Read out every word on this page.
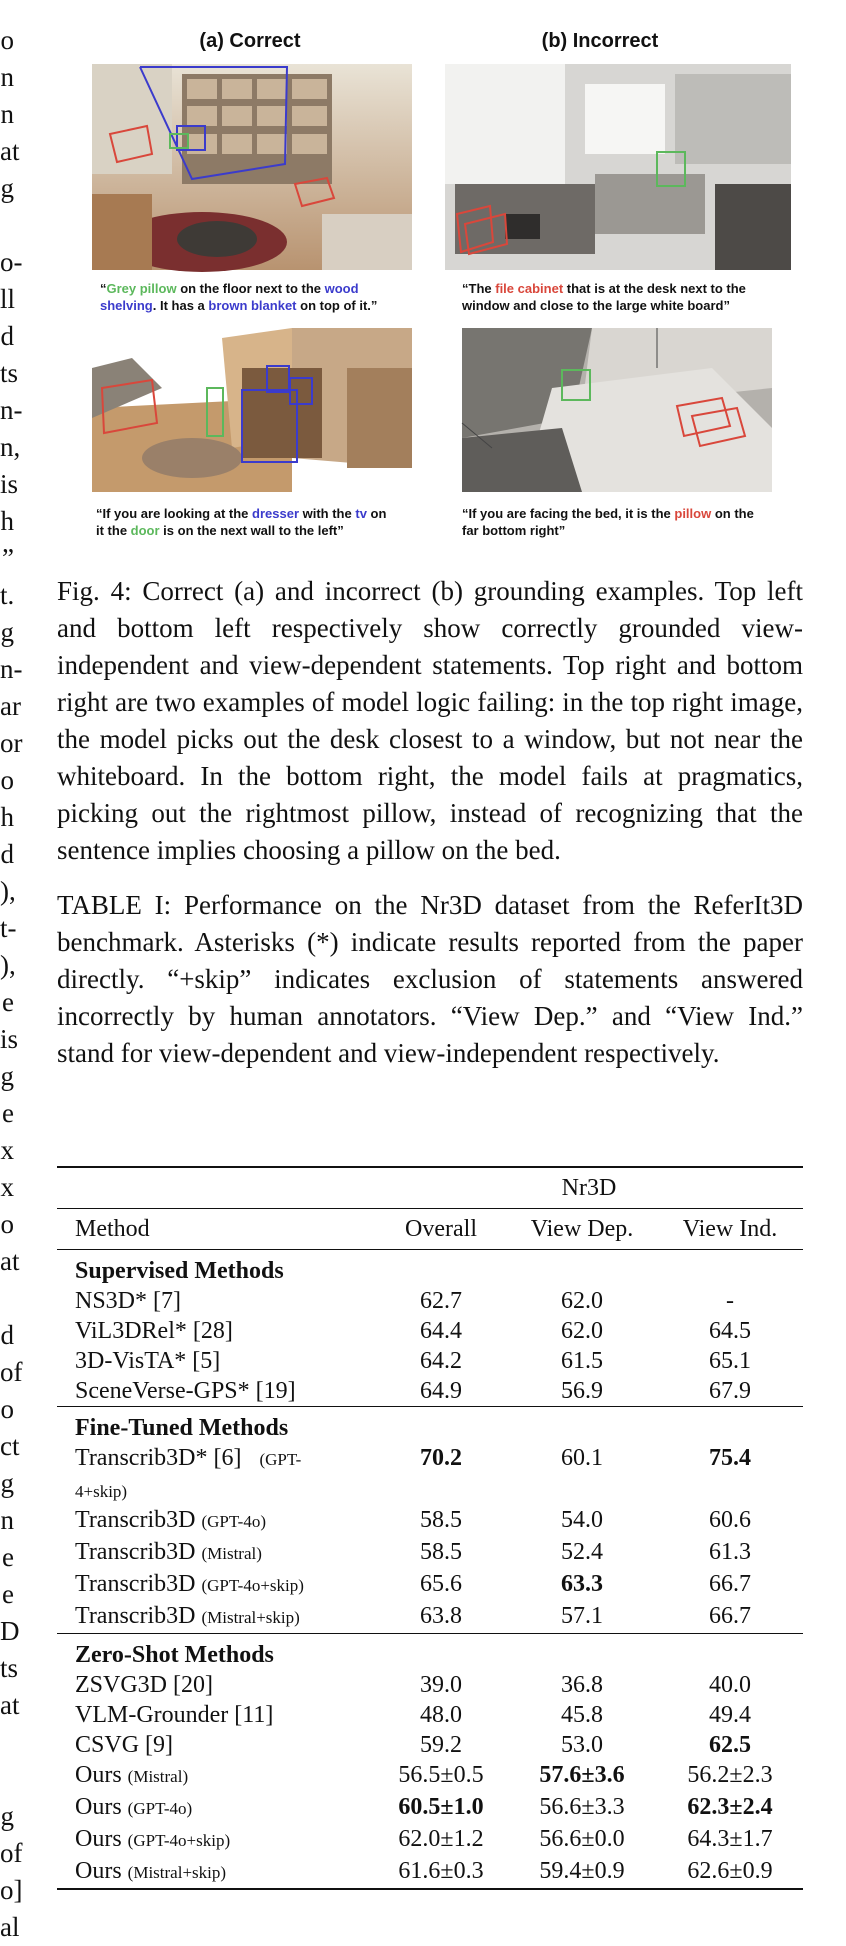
o
n
n
at
g
o-
ll
d
ts
n-
n,
is
h
”
t.
g
n-
ar
or
o
h
d
),
t-
),
e
is
g
e
x
x
o
at
d
of
o
ct
g
n
e
e
D
ts
at
g
of
o]
al
(a) Correct	(b) Incorrect
“Grey pillow on the floor next to the wood
shelving. It has a brown blanket on top of it.”
“The file cabinet that is at the desk next to the
window and close to the large white board”
“If you are looking at the dresser with the tv on
it the door is on the next wall to the left”
“If you are facing the bed, it is the pillow on the
far bottom right”
Fig. 4: Correct (a) and incorrect (b) grounding examples. Top left and bottom left respectively show correctly grounded view-independent and view-dependent statements. Top right and bottom right are two examples of model logic failing: in the top right image, the model picks out the desk closest to a window, but not near the whiteboard. In the bottom right, the model fails at pragmatics, picking out the rightmost pillow, instead of recognizing that the sentence implies choosing a pillow on the bed.
TABLE I: Performance on the Nr3D dataset from the ReferIt3D benchmark. Asterisks (*) indicate results reported from the paper directly. “+skip” indicates exclusion of statements answered incorrectly by human annotators. “View Dep.” and “View Ind.” stand for view-dependent and view-independent respectively.
	Nr3D		
Method	Overall	View Dep.	View Ind.
Supervised Methods			
NS3D* [7]	62.7	62.0	-
ViL3DRel* [28]	64.4	62.0	64.5
3D-VisTA* [5]	64.2	61.5	65.1
SceneVerse-GPS* [19]	64.9	56.9	67.9
Fine-Tuned Methods			
Transcrib3D* [6] (GPT-
4+skip)	70.2	60.1	75.4
Transcrib3D (GPT-4o)	58.5	54.0	60.6
Transcrib3D (Mistral)	58.5	52.4	61.3
Transcrib3D (GPT-4o+skip)	65.6	63.3	66.7
Transcrib3D (Mistral+skip)	63.8	57.1	66.7
Zero-Shot Methods			
ZSVG3D [20]	39.0	36.8	40.0
VLM-Grounder [11]	48.0	45.8	49.4
CSVG [9]	59.2	53.0	62.5
Ours (Mistral)	56.5±0.5	57.6±3.6	56.2±2.3
Ours (GPT-4o)	60.5±1.0	56.6±3.3	62.3±2.4
Ours (GPT-4o+skip)	62.0±1.2	56.6±0.0	64.3±1.7
Ours (Mistral+skip)	61.6±0.3	59.4±0.9	62.6±0.9
